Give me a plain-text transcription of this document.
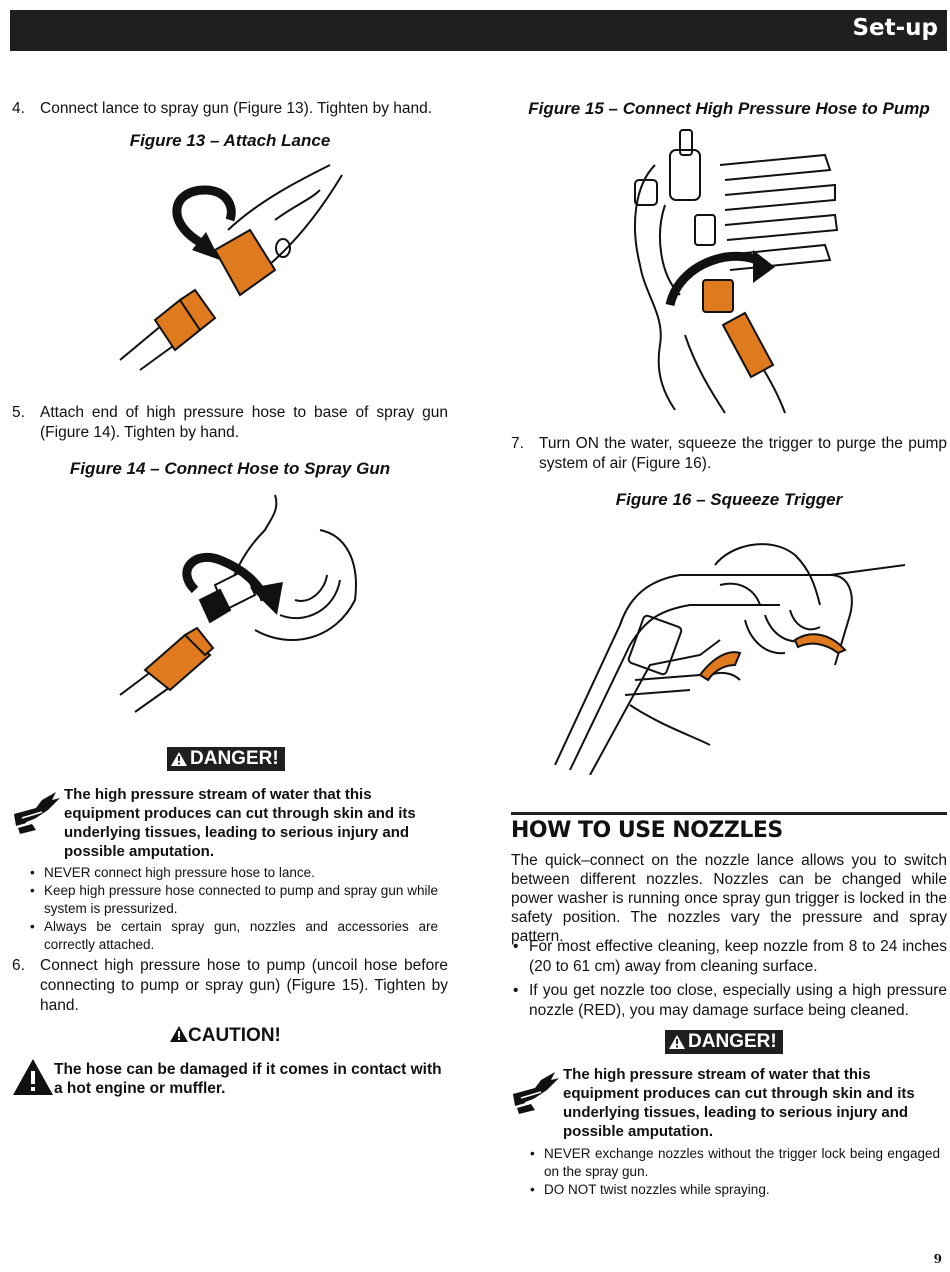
Set-up
4. Connect lance to spray gun (Figure 13). Tighten by hand.
Figure 13 – Attach Lance
5. Attach end of high pressure hose to base of spray gun (Figure 14). Tighten by hand.
Figure 14 – Connect Hose to Spray Gun
DANGER!
The high pressure stream of water that this equipment produces can cut through skin and its underlying tissues, leading to serious injury and possible amputation.
• NEVER connect high pressure hose to lance.
• Keep high pressure hose connected to pump and spray gun while system is pressurized.
• Always be certain spray gun, nozzles and accessories are correctly attached.
6. Connect high pressure hose to pump (uncoil hose before connecting to pump or spray gun) (Figure 15). Tighten by hand.
CAUTION!
The hose can be damaged if it comes in contact with a hot engine or muffler.
Figure 15 – Connect High Pressure Hose to Pump
7. Turn ON the water, squeeze the trigger to purge the pump system of air (Figure 16).
Figure 16 – Squeeze Trigger
HOW TO USE NOZZLES
The quick–connect on the nozzle lance allows you to switch between different nozzles. Nozzles can be changed while power washer is running once spray gun trigger is locked in the safety position. The nozzles vary the pressure and spray pattern.
• For most effective cleaning, keep nozzle from 8 to 24 inches (20 to 61 cm) away from cleaning surface.
• If you get nozzle too close, especially using a high pressure nozzle (RED), you may damage surface being cleaned.
DANGER!
The high pressure stream of water that this equipment produces can cut through skin and its underlying tissues, leading to serious injury and possible amputation.
• NEVER exchange nozzles without the trigger lock being engaged on the spray gun.
• DO NOT twist nozzles while spraying.
9
